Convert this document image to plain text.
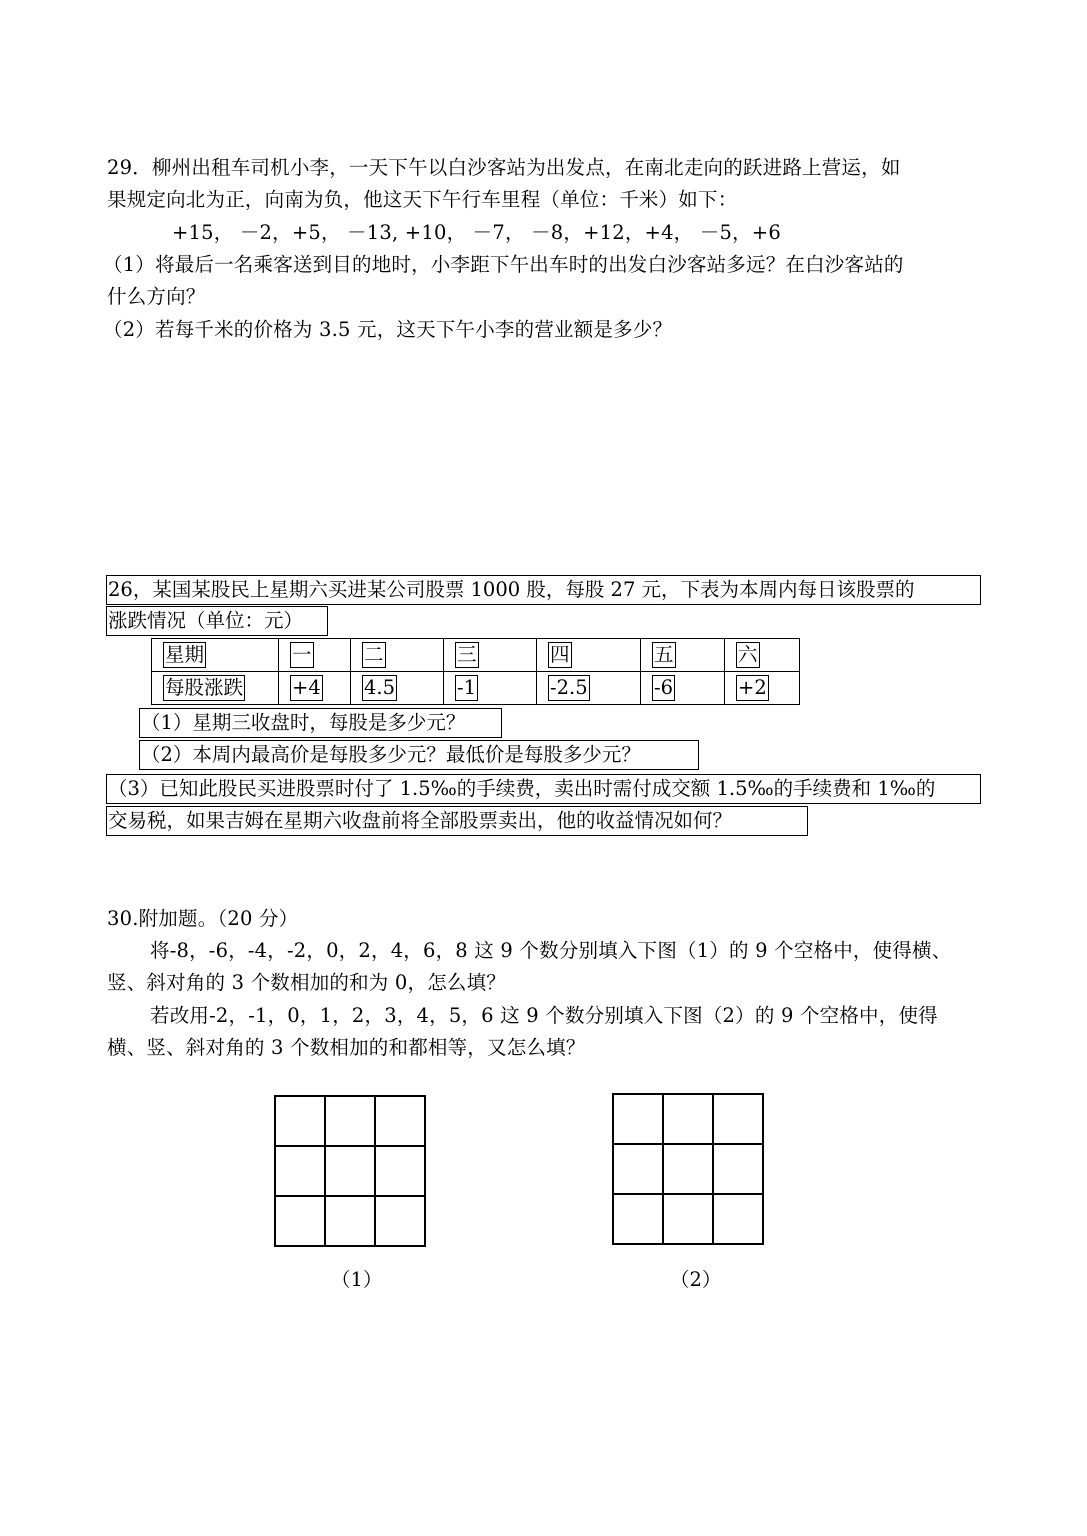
29．柳州出租车司机小李，一天下午以白沙客站为出发点，在南北走向的跃进路上营运，如
果规定向北为正，向南为负，他这天下午行车里程（单位：千米）如下：
+15， －2，+5， －13, +10， －7， －8，+12，+4， －5，+6
（1）将最后一名乘客送到目的地时，小李距下午出车时的出发白沙客站多远？在白沙客站的
什么方向？
（2）若每千米的价格为 3.5 元，这天下午小李的营业额是多少？
26，某国某股民上星期六买进某公司股票 1000 股，每股 27 元，下表为本周内每日该股票的
涨跌情况（单位：元）
星期	一	二	三	四	五	六
每股涨跌	+4	4.5	-1	-2.5	-6	+2
（1）星期三收盘时，每股是多少元？
（2）本周内最高价是每股多少元？最低价是每股多少元？
（3）已知此股民买进股票时付了 1.5‰的手续费，卖出时需付成交额 1.5‰的手续费和 1‰的
交易税，如果吉姆在星期六收盘前将全部股票卖出，他的收益情况如何？
30.附加题。（20 分）
将-8，-6，-4，-2，0，2，4，6，8 这 9 个数分别填入下图（1）的 9 个空格中，使得横、
竖、斜对角的 3 个数相加的和为 0，怎么填？
若改用-2，-1，0，1，2，3，4，5，6 这 9 个数分别填入下图（2）的 9 个空格中，使得
横、竖、斜对角的 3 个数相加的和都相等，又怎么填？

（1）	（2）
